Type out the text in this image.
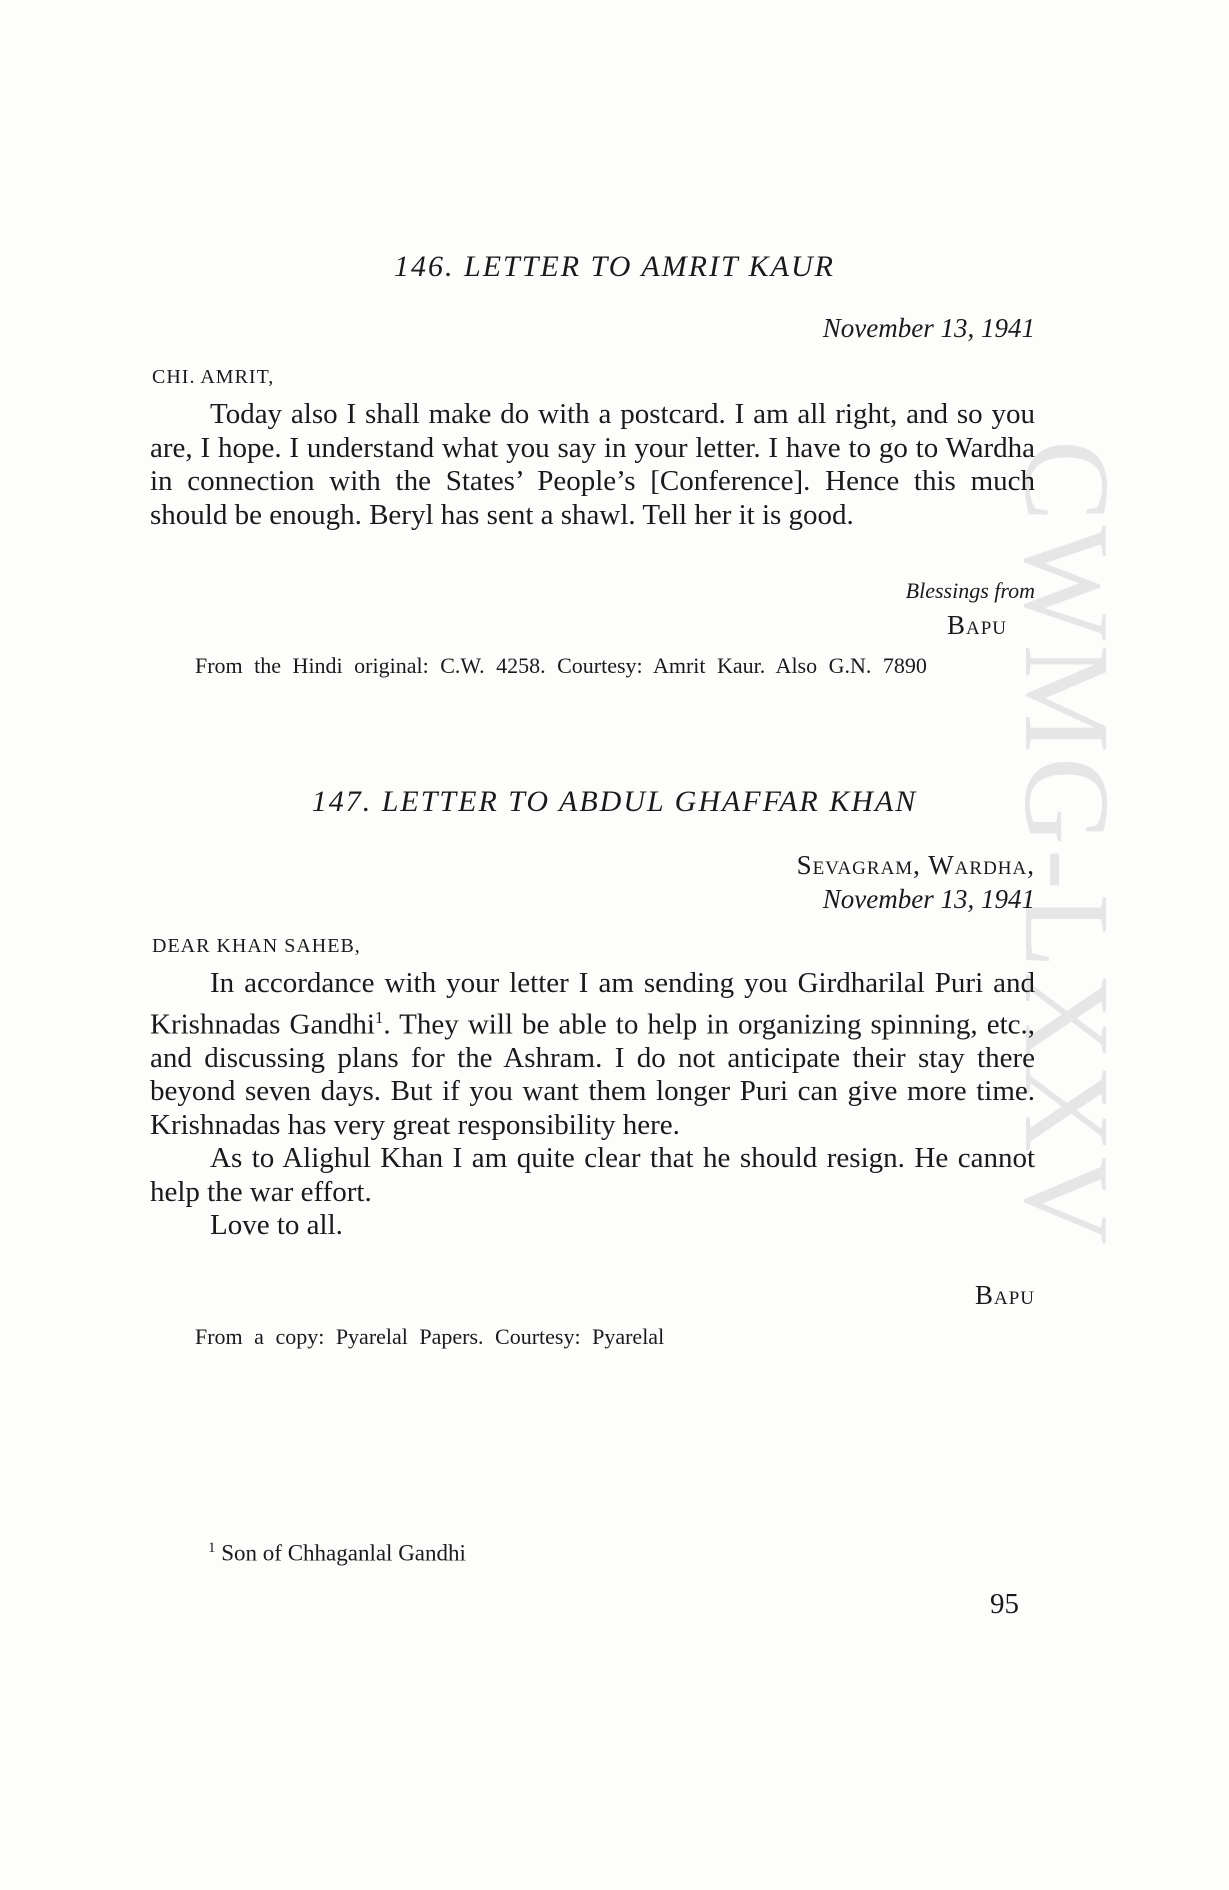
CWMG-LXXV
146. LETTER TO AMRIT KAUR
November 13, 1941
CHI. AMRIT,

Today also I shall make do with a postcard. I am all right, and so you are, I hope. I understand what you say in your letter. I have to go to Wardha in connection with the States’ People’s [Conference]. Hence this much should be enough. Beryl has sent a shawl. Tell her it is good.

Blessings from
Bapu
From the Hindi original: C.W. 4258. Courtesy: Amrit Kaur. Also G.N. 7890
147. LETTER TO ABDUL GHAFFAR KHAN
Sevagram, Wardha,
November 13, 1941
DEAR KHAN SAHEB,

In accordance with your letter I am sending you Girdharilal Puri and Krishnadas Gandhi$^1$. They will be able to help in organizing spinning, etc., and discussing plans for the Ashram. I do not anticipate their stay there beyond seven days. But if you want them longer Puri can give more time. Krishnadas has very great responsibility here.

As to Alighul Khan I am quite clear that he should resign. He cannot help the war effort.

Love to all.

Bapu
From a copy: Pyarelal Papers. Courtesy: Pyarelal
$^1$ Son of Chhaganlal Gandhi
95
